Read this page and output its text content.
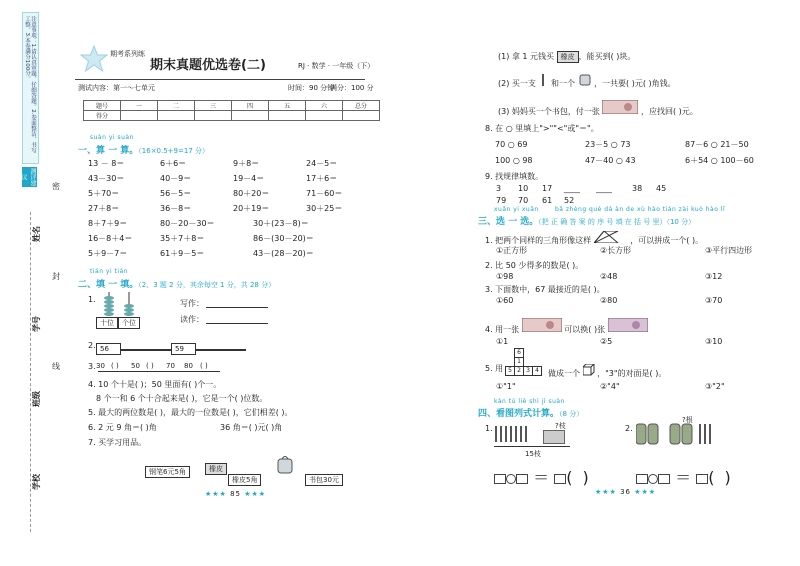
注意事项：1.请认真审题，仔细答题。2.卷面整洁，书写工整。3.本卷满分100分。
测评建议
密
封
线
姓名
学号
班级
学校
期考系列练
期末真题优选卷(二)	RJ · 数学 · 一年级（下）
测试内容：第一～七单元	时间：90 分钟
满分：100 分
题号	一	二	三	四	五	六	总分
得分							
suàn yi suàn
一、算 一 算。（16×0.5+9=17 分）
13 － 8＝	6＋6＝	9＋8＝	24－5＝
43－30＝	40－9＝	19－4＝	17＋6＝
5＋70＝	56－5＝	80＋20＝	71－60＝
27＋8＝	36－8＝	20＋19＝	30＋25＝
8＋7＋9＝	80－20－30＝	30＋(23－8)＝
16－8＋4＝	35＋7＋8＝	86－(30－20)＝
5＋9－7＝	61＋9－5＝	43－(28－20)＝
tián yi tián
二、填 一 填。（2、3 题 2 分，其余每空 1 分，共 28 分）
1.
十位 个位
写作：
读作：
2. 56	59
3. 30 ( ) 50 ( ) 70 80 ( )
4. 10 个十是( )；50 里面有( )个一。
8 个一和 6 个十合起来是( )，它是一个( )位数。
5. 最大的两位数是( )，最大的一位数是( )，它们相差( )。
6. 2 元 9 角＝( )角	36 角＝( )元( )角
7. 买学习用品。
钢笔6元5角	橡皮
橡皮5角	书包30元
★★★ 85 ★★★
(1) 拿 1 元钱买 橡皮 ，能买到( )块。
(2) 买一支 和一个 ，一共要( )元( )角钱。
(3) 妈妈买一个书包，付一张	，应找回( )元。
8. 在 ○ 里填上">""<"或"＝"。
70 ○ 69	23－5 ○ 73	87－6 ○ 21－50
100 ○ 98	47－40 ○ 43	6＋54 ○ 100－60
9. 找规律填数。
3 10 17 ____ ____	38 45
79 70 61 52
xuǎn yi xuǎn	bǎ zhèng què dá àn de xù hào tián zài kuò hào lǐ
三、选 一 选。（把 正 确 答 案 的 序 号 填 在 括 号 里）（10 分）
1. 把两个同样的三角形像这样	，可以拼成一个( )。
①正方形	②长方形	③平行四边形
2. 比 50 少得多的数是( )。
①98	②48	③12
3. 下面数中，67 最接近的是( )。
①60	②80	③70
4. 用一张	可以换( )张
①1	②5	③10
6
1
2 3 4
5
5. 用
做成一个 ，"3"的对面是( )。
①"1"	②"4"	③"2"
kàn tú liè shì jì suàn
四、看图列式计算。（8 分）
1.	?枝
15枝
＝ ( )
2.
?根
＝ ( )
★★★ 36 ★★★
